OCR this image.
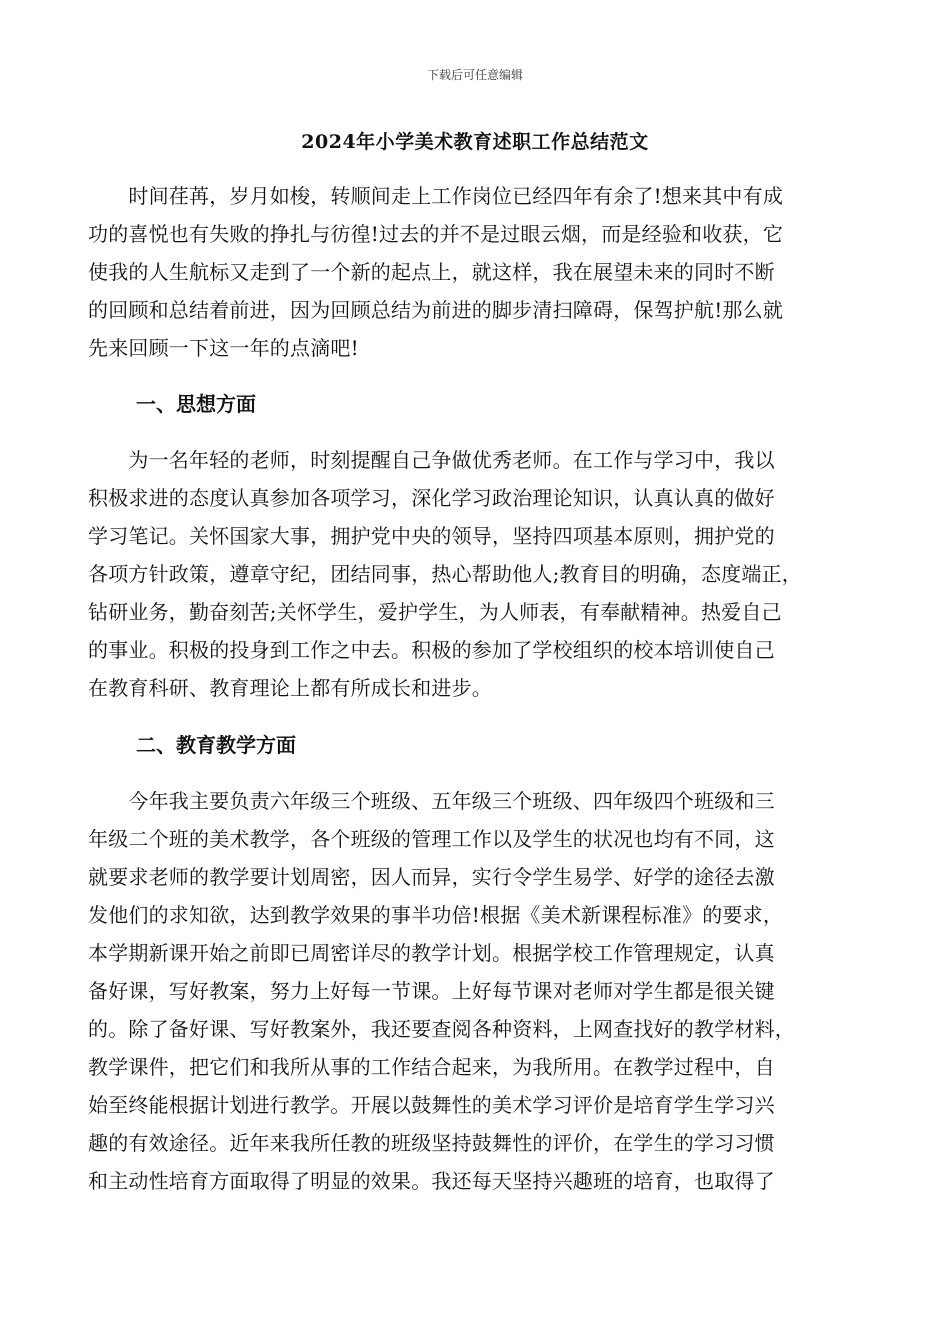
下载后可任意编辑
2024年小学美术教育述职工作总结范文
　　时间荏苒，岁月如梭，转顺间走上工作岗位已经四年有余了!想来其中有成
功的喜悦也有失败的挣扎与彷徨!过去的并不是过眼云烟，而是经验和收获，它
使我的人生航标又走到了一个新的起点上，就这样，我在展望未来的同时不断
的回顾和总结着前进，因为回顾总结为前进的脚步清扫障碍，保驾护航!那么就
先来回顾一下这一年的点滴吧!
一、思想方面
　　为一名年轻的老师，时刻提醒自己争做优秀老师。在工作与学习中，我以
积极求进的态度认真参加各项学习，深化学习政治理论知识，认真认真的做好
学习笔记。关怀国家大事，拥护党中央的领导，坚持四项基本原则，拥护党的
各项方针政策，遵章守纪，团结同事，热心帮助他人;教育目的明确，态度端正，
钻研业务，勤奋刻苦;关怀学生，爱护学生，为人师表，有奉献精神。热爱自己
的事业。积极的投身到工作之中去。积极的参加了学校组织的校本培训使自己
在教育科研、教育理论上都有所成长和进步。
二、教育教学方面
　　今年我主要负责六年级三个班级、五年级三个班级、四年级四个班级和三
年级二个班的美术教学，各个班级的管理工作以及学生的状况也均有不同，这
就要求老师的教学要计划周密，因人而异，实行令学生易学、好学的途径去激
发他们的求知欲，达到教学效果的事半功倍!根据《美术新课程标准》的要求，
本学期新课开始之前即已周密详尽的教学计划。根据学校工作管理规定，认真
备好课，写好教案，努力上好每一节课。上好每节课对老师对学生都是很关键
的。除了备好课、写好教案外，我还要查阅各种资料，上网查找好的教学材料，
教学课件，把它们和我所从事的工作结合起来，为我所用。在教学过程中，自
始至终能根据计划进行教学。开展以鼓舞性的美术学习评价是培育学生学习兴
趣的有效途径。近年来我所任教的班级坚持鼓舞性的评价，在学生的学习习惯
和主动性培育方面取得了明显的效果。我还每天坚持兴趣班的培育，也取得了
